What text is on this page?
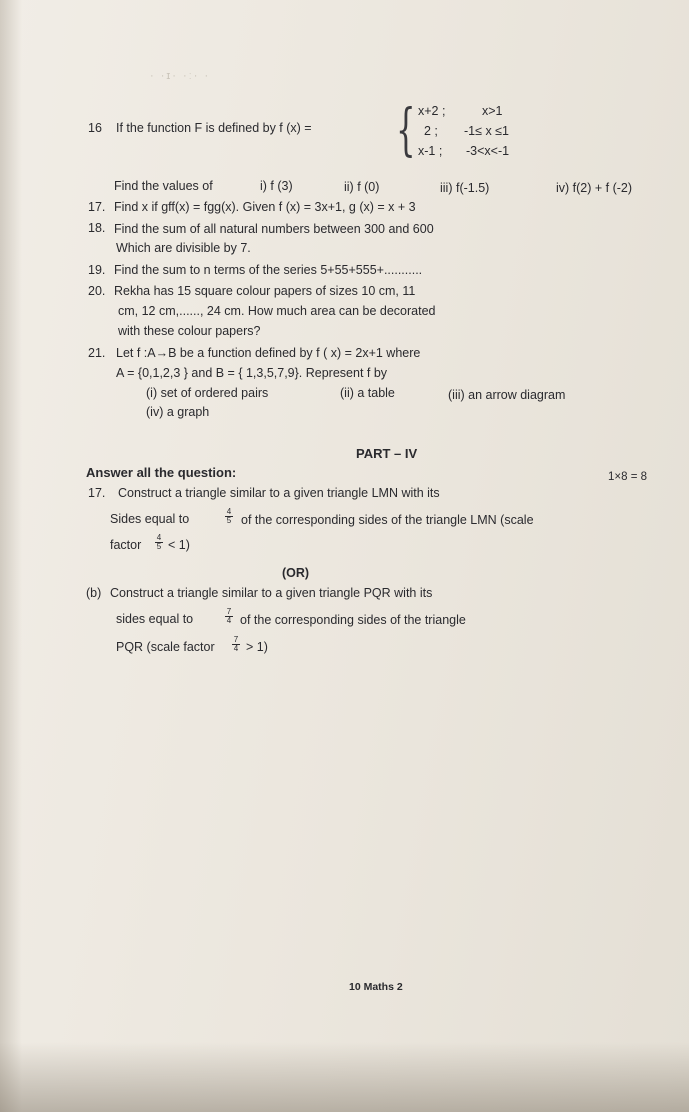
· ·ɪ· ·ː· ·
16 If the function F is defined by f (x) = { x+2 ;	x>1
2 ; -1≤ x ≤1
x-1 ; -3<x<-1
Find the values of	i) f (3)	ii) f (0)	iii) f(-1.5)	iv) f(2) + f (-2)
17. Find x if gff(x) = fgg(x). Given f (x) = 3x+1, g (x) = x + 3
18. Find the sum of all natural numbers between 300 and 600
Which are divisible by 7.
19. Find the sum to n terms of the series 5+55+555+...........
20. Rekha has 15 square colour papers of sizes 10 cm, 11
cm, 12 cm,......, 24 cm. How much area can be decorated
with these colour papers?
21. Let f :A→B be a function defined by f ( x) = 2x+1 where
A = {0,1,2,3 } and B = { 1,3,5,7,9}. Represent f by
(i) set of ordered pairs	(ii) a table	(iii) an arrow diagram
(iv) a graph
PART – IV
Answer all the question:	1×8 = 8
17. Construct a triangle similar to a given triangle LMN with its
Sides equal to	$\frac{4}{5}$ of the corresponding sides of the triangle LMN (scale
factor $\frac{4}{5} < 1$)
(OR)
(b) Construct a triangle similar to a given triangle PQR with its
sides equal to	$\frac{7}{4}$ of the corresponding sides of the triangle
PQR (scale factor $\frac{7}{4} > 1$)
10 Maths 2
